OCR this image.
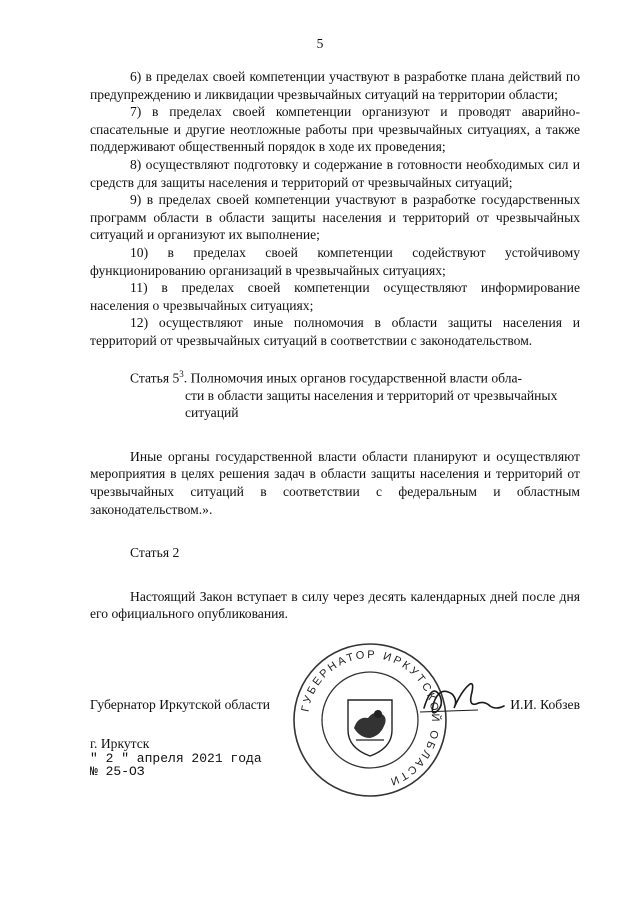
5

6) в пределах своей компетенции участвуют в разработке плана действий по предупреждению и ликвидации чрезвычайных ситуаций на территории области;

7) в пределах своей компетенции организуют и проводят аварийно-спасательные и другие неотложные работы при чрезвычайных ситуациях, а также поддерживают общественный порядок в ходе их проведения;

8) осуществляют подготовку и содержание в готовности необходимых сил и средств для защиты населения и территорий от чрезвычайных ситуаций;

9) в пределах своей компетенции участвуют в разработке государственных программ области в области защиты населения и территорий от чрезвычайных ситуаций и организуют их выполнение;

10) в пределах своей компетенции содействуют устойчивому функционированию организаций в чрезвычайных ситуациях;

11) в пределах своей компетенции осуществляют информирование населения о чрезвычайных ситуациях;

12) осуществляют иные полномочия в области защиты населения и территорий от чрезвычайных ситуаций в соответствии с законодательством.

Статья $5^3$. Полномочия иных органов государственной власти обла-
сти в области защиты населения и территорий от чрезвычайных ситуаций

Иные органы государственной власти области планируют и осуществляют мероприятия в целях решения задач в области защиты населения и территорий от чрезвычайных ситуаций в соответствии с федеральным и областным законодательством.».

Статья 2

Настоящий Закон вступает в силу через десять календарных дней после дня его официального опубликования.

ГУБЕРНАТОР ИРКУТСКОЙ ОБЛАСТИ
Губернатор Иркутской области	И.И. Кобзев
г. Иркутск
" 2 " апреля 2021 года
№ 25-ОЗ
